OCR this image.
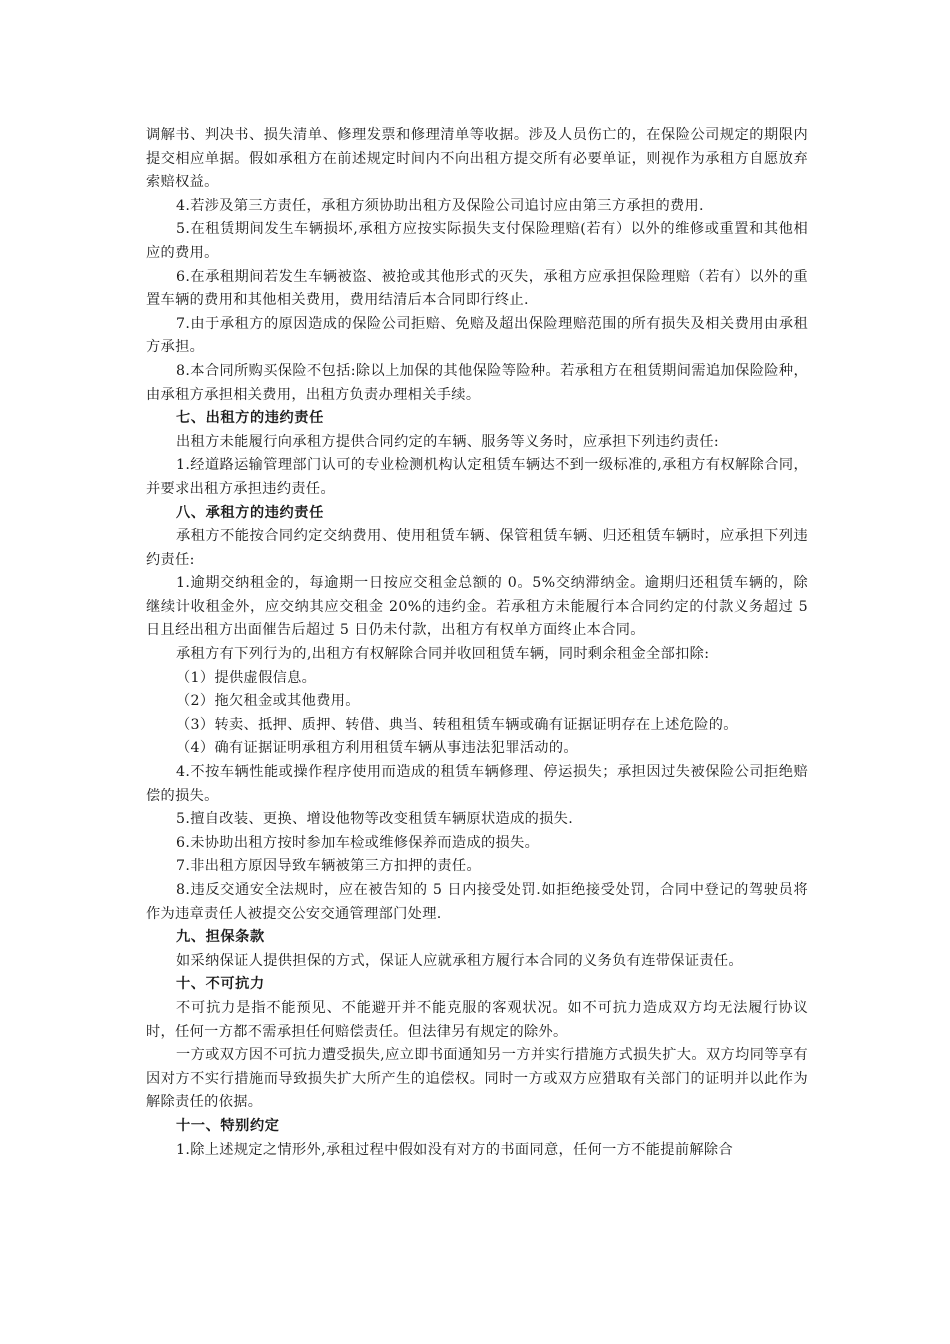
调解书、判决书、损失清单、修理发票和修理清单等收据。涉及人员伤亡的，在保险公司规定的期限内提交相应单据。假如承租方在前述规定时间内不向出租方提交所有必要单证，则视作为承租方自愿放弃索赔权益。

4.若涉及第三方责任，承租方须协助出租方及保险公司追讨应由第三方承担的费用.

5.在租赁期间发生车辆损坏,承租方应按实际损失支付保险理赔(若有）以外的维修或重置和其他相应的费用。

6.在承租期间若发生车辆被盗、被抢或其他形式的灭失，承租方应承担保险理赔（若有）以外的重置车辆的费用和其他相关费用，费用结清后本合同即行终止.

7.由于承租方的原因造成的保险公司拒赔、免赔及超出保险理赔范围的所有损失及相关费用由承租方承担。

8.本合同所购买保险不包括:除以上加保的其他保险等险种。若承租方在租赁期间需追加保险险种，由承租方承担相关费用，出租方负责办理相关手续。

七、出租方的违约责任

出租方未能履行向承租方提供合同约定的车辆、服务等义务时，应承担下列违约责任:

1.经道路运输管理部门认可的专业检测机构认定租赁车辆达不到一级标准的,承租方有权解除合同，并要求出租方承担违约责任。

八、承租方的违约责任

承租方不能按合同约定交纳费用、使用租赁车辆、保管租赁车辆、归还租赁车辆时，应承担下列违约责任:

1.逾期交纳租金的，每逾期一日按应交租金总额的 0。5%交纳滞纳金。逾期归还租赁车辆的，除继续计收租金外，应交纳其应交租金 20%的违约金。若承租方未能履行本合同约定的付款义务超过 5 日且经出租方出面催告后超过 5 日仍未付款，出租方有权单方面终止本合同。

承租方有下列行为的,出租方有权解除合同并收回租赁车辆，同时剩余租金全部扣除:

（1）提供虚假信息。

（2）拖欠租金或其他费用。

（3）转卖、抵押、质押、转借、典当、转租租赁车辆或确有证据证明存在上述危险的。

（4）确有证据证明承租方利用租赁车辆从事违法犯罪活动的。

4.不按车辆性能或操作程序使用而造成的租赁车辆修理、停运损失；承担因过失被保险公司拒绝赔偿的损失。

5.擅自改装、更换、增设他物等改变租赁车辆原状造成的损失.

6.未协助出租方按时参加车检或维修保养而造成的损失。

7.非出租方原因导致车辆被第三方扣押的责任。

8.违反交通安全法规时，应在被告知的 5 日内接受处罚.如拒绝接受处罚，合同中登记的驾驶员将作为违章责任人被提交公安交通管理部门处理.

九、担保条款

如采纳保证人提供担保的方式，保证人应就承租方履行本合同的义务负有连带保证责任。

十、不可抗力

不可抗力是指不能预见、不能避开并不能克服的客观状况。如不可抗力造成双方均无法履行协议时，任何一方都不需承担任何赔偿责任。但法律另有规定的除外。

一方或双方因不可抗力遭受损失,应立即书面通知另一方并实行措施方式损失扩大。双方均同等享有因对方不实行措施而导致损失扩大所产生的追偿权。同时一方或双方应猎取有关部门的证明并以此作为解除责任的依据。

十一、特别约定

1.除上述规定之情形外,承租过程中假如没有对方的书面同意，任何一方不能提前解除合
